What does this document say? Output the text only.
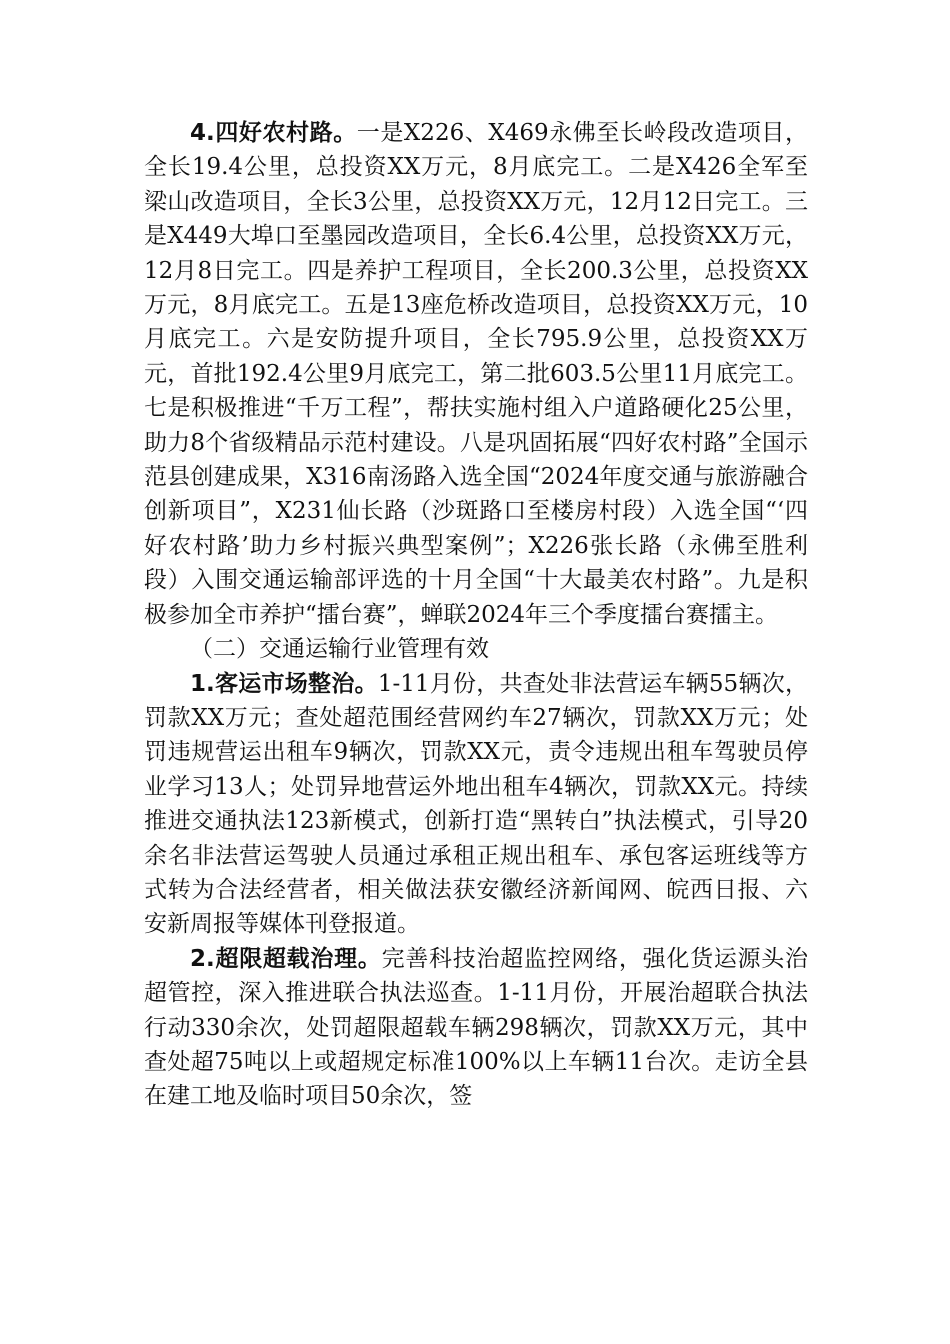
4.四好农村路。一是X226、X469永佛至长岭段改造项目，全长19.4公里，总投资XX万元，8月底完工。二是X426全军至梁山改造项目，全长3公里，总投资XX万元，12月12日完工。三是X449大埠口至墨园改造项目，全长6.4公里，总投资XX万元，12月8日完工。四是养护工程项目，全长200.3公里，总投资XX万元，8月底完工。五是13座危桥改造项目，总投资XX万元，10月底完工。六是安防提升项目，全长795.9公里，总投资XX万元，首批192.4公里9月底完工，第二批603.5公里11月底完工。七是积极推进“千万工程”，帮扶实施村组入户道路硬化25公里，助力8个省级精品示范村建设。八是巩固拓展“四好农村路”全国示范县创建成果，X316南汤路入选全国“2024年度交通与旅游融合创新项目”，X231仙长路（沙斑路口至楼房村段）入选全国“‘四好农村路’助力乡村振兴典型案例”；X226张长路（永佛至胜利段）入围交通运输部评选的十月全国“十大最美农村路”。九是积极参加全市养护“擂台赛”，蝉联2024年三个季度擂台赛擂主。

（二）交通运输行业管理有效

1.客运市场整治。1-11月份，共查处非法营运车辆55辆次，罚款XX万元；查处超范围经营网约车27辆次，罚款XX万元；处罚违规营运出租车9辆次，罚款XX元，责令违规出租车驾驶员停业学习13人；处罚异地营运外地出租车4辆次，罚款XX元。持续推进交通执法123新模式，创新打造“黑转白”执法模式，引导20余名非法营运驾驶人员通过承租正规出租车、承包客运班线等方式转为合法经营者，相关做法获安徽经济新闻网、皖西日报、六安新周报等媒体刊登报道。

2.超限超载治理。完善科技治超监控网络，强化货运源头治超管控，深入推进联合执法巡查。1-11月份，开展治超联合执法行动330余次，处罚超限超载车辆298辆次，罚款XX万元，其中查处超75吨以上或超规定标准100%以上车辆11台次。走访全县在建工地及临时项目50余次，签
